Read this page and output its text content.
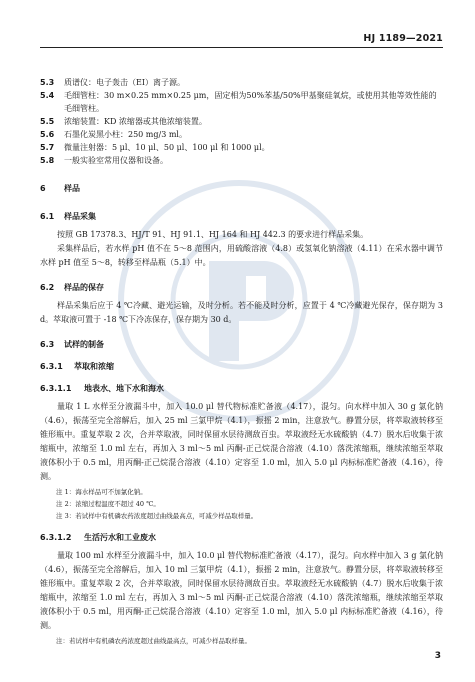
HJ 1189—2021
5.3	质谱仪：电子轰击（EI）离子源。
5.4	毛细管柱：30 m×0.25 mm×0.25 μm，固定相为50%苯基/50%甲基聚硅氧烷，或使用其他等效性能的毛细管柱。
5.5	浓缩装置：KD 浓缩器或其他浓缩装置。
5.6	石墨化炭黑小柱：250 mg/3 ml。
5.7	微量注射器：5 μl、10 μl、50 μl、100 μl 和 1000 μl。
5.8	一般实验室常用仪器和设备。
6	样品
6.1	样品采集

按照 GB 17378.3、HJ/T 91、HJ 91.1、HJ 164 和 HJ 442.3 的要求进行样品采集。

采集样品后，若水样 pH 值不在 5～8 范围内，用硫酸溶液（4.8）或氢氧化钠溶液（4.11）在采水器中调节水样 pH 值至 5～8，转移至样品瓶（5.1）中。

6.2	样品的保存

样品采集后应于 4 ℃冷藏、避光运输，及时分析。若不能及时分析，应置于 4 ℃冷藏避光保存，保存期为 3 d。萃取液可置于 -18 ℃下冷冻保存，保存期为 30 d。

6.3	试样的制备
6.3.1	萃取和浓缩
6.3.1.1	地表水、地下水和海水

量取 1 L 水样至分液漏斗中，加入 10.0 μl 替代物标准贮备液（4.17），混匀。向水样中加入 30 g 氯化钠（4.6），振荡至完全溶解后，加入 25 ml 三氯甲烷（4.1），振摇 2 min，注意放气。静置分层，将萃取液转移至锥形瓶中。重复萃取 2 次，合并萃取液，同时保留水层待测敌百虫。萃取液经无水硫酸钠（4.7）脱水后收集于浓缩瓶中，浓缩至 1.0 ml 左右，再加入 3 ml～5 ml 丙酮-正己烷混合溶液（4.10）落洗浓缩瓶，继续浓缩至萃取液体积小于 0.5 ml，用丙酮-正己烷混合溶液（4.10）定容至 1.0 ml，加入 5.0 μl 内标标准贮备液（4.16），待测。

注 1：海水样品可不加氯化钠。
注 2：浓缩过程温度不超过 40 ℃。
注 3：若试样中有机磷农药浓度超过曲线最高点，可减少样品取样量。
6.3.1.2	生活污水和工业废水

量取 100 ml 水样至分液漏斗中，加入 10.0 μl 替代物标准贮备液（4.17），混匀。向水样中加入 3 g 氯化钠（4.6），振荡至完全溶解后，加入 10 ml 三氯甲烷（4.1），振摇 2 min，注意放气。静置分层，将萃取液转移至锥形瓶中。重复萃取 2 次，合并萃取液，同时保留水层待测敌百虫。萃取液经无水硫酸钠（4.7）脱水后收集于浓缩瓶中，浓缩至 1.0 ml 左右，再加入 3 ml～5 ml 丙酮-正己烷混合溶液（4.10）落洗浓缩瓶，继续浓缩至萃取液体积小于 0.5 ml，用丙酮-正己烷混合溶液（4.10）定容至 1.0 ml，加入 5.0 μl 内标标准贮备液（4.16），待测。

注：若试样中有机磷农药浓度超过曲线最高点，可减少样品取样量。
3
